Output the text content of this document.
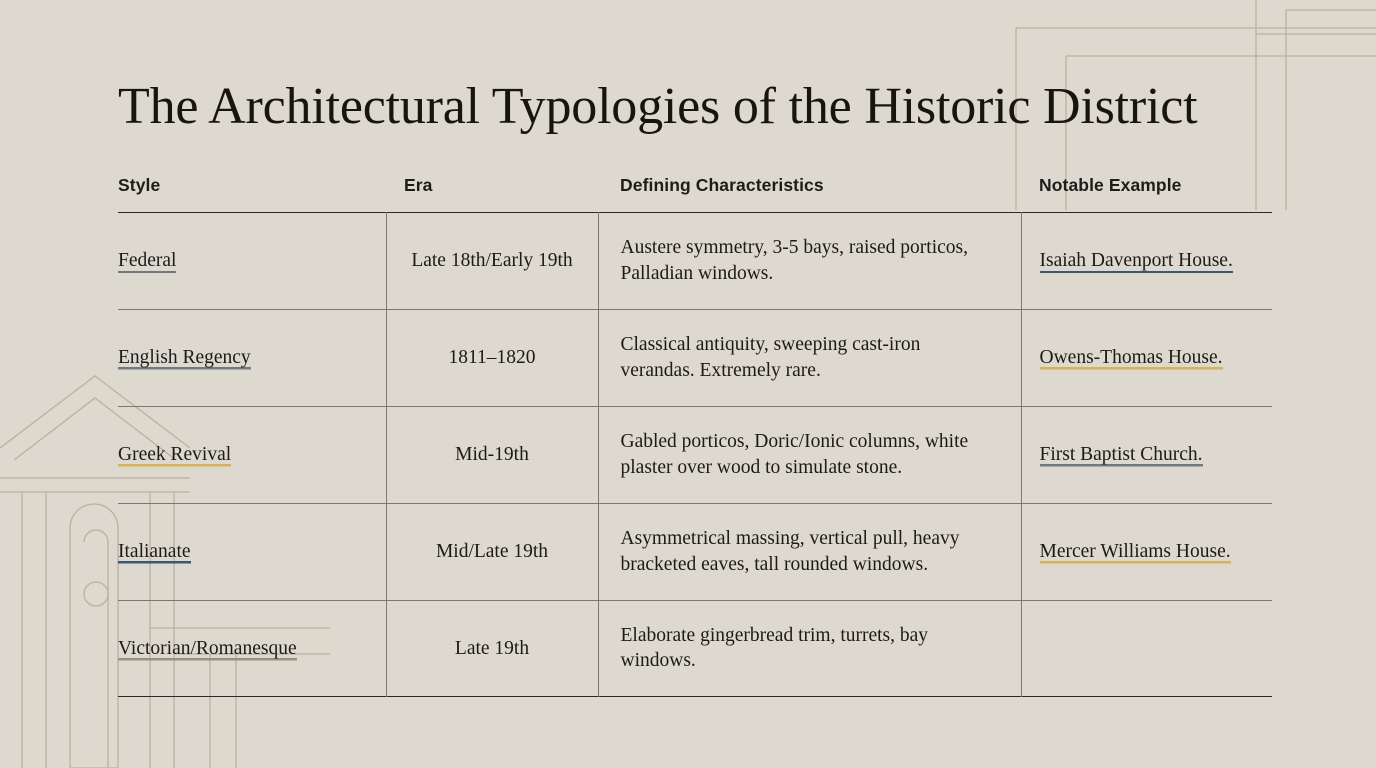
The Architectural Typologies of the Historic District
Style	Era	Defining Characteristics	Notable Example
Federal	Late 18th/Early 19th	Austere symmetry, 3-5 bays, raised porticos, Palladian windows.	Isaiah Davenport House.
English Regency	1811–1820	Classical antiquity, sweeping cast-iron verandas. Extremely rare.	Owens-Thomas House.
Greek Revival	Mid-19th	Gabled porticos, Doric/Ionic columns, white plaster over wood to simulate stone.	First Baptist Church.
Italianate	Mid/Late 19th	Asymmetrical massing, vertical pull, heavy bracketed eaves, tall rounded windows.	Mercer Williams House.
Victorian/Romanesque	Late 19th	Elaborate gingerbread trim, turrets, bay windows.	
